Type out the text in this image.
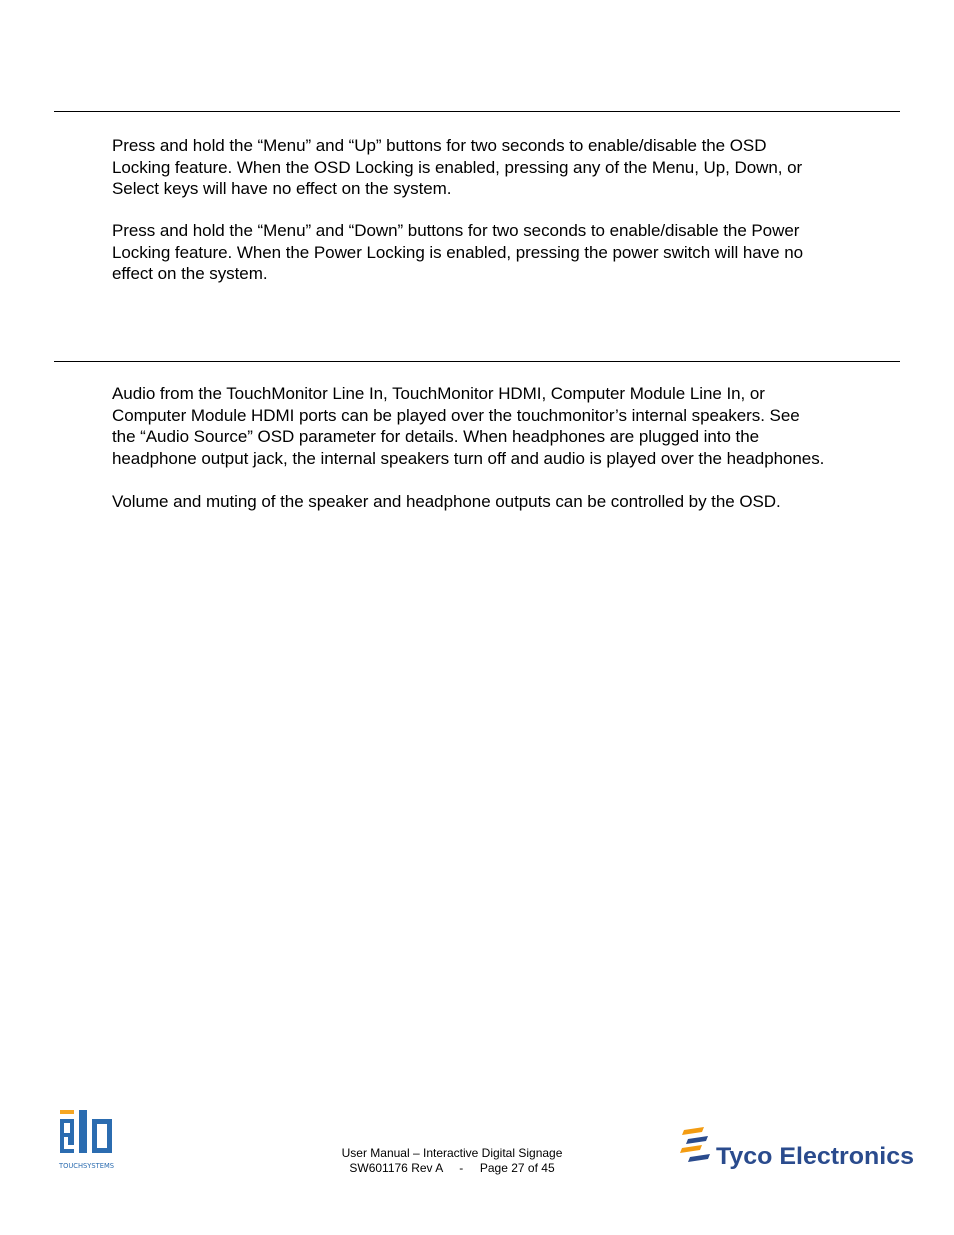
Press and hold the “Menu” and “Up” buttons for two seconds to enable/disable the OSD
Locking feature. When the OSD Locking is enabled, pressing any of the Menu, Up, Down, or
Select keys will have no effect on the system.

Press and hold the “Menu” and “Down” buttons for two seconds to enable/disable the Power
Locking feature. When the Power Locking is enabled, pressing the power switch will have no
effect on the system.

Audio from the TouchMonitor Line In, TouchMonitor HDMI, Computer Module Line In, or
Computer Module HDMI ports can be played over the touchmonitor’s internal speakers. See
the “Audio Source” OSD parameter for details. When headphones are plugged into the
headphone output jack, the internal speakers turn off and audio is played over the headphones.

Volume and muting of the speaker and headphone outputs can be controlled by the OSD.

TOUCHSYSTEMS
User Manual – Interactive Digital Signage
SW601176 Rev A     -     Page 27 of 45	Tyco Electronics
